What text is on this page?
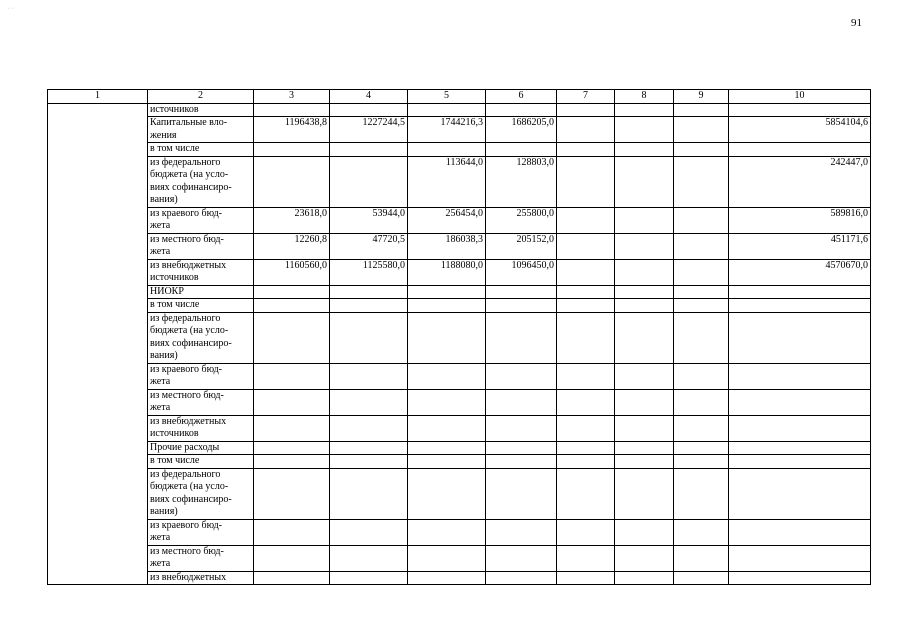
· ·
91
1	2	3	4	5	6	7	8	9	10
	источников								
	Капитальные вло-
жения	1196438,8	1227244,5	1744216,3	1686205,0				5854104,6
	в том числе								
	из федерального
бюджета (на усло-
виях софинансиро-
вания)			113644,0	128803,0				242447,0
	из краевого бюд-
жета	23618,0	53944,0	256454,0	255800,0				589816,0
	из местного бюд-
жета	12260,8	47720,5	186038,3	205152,0				451171,6
	из внебюджетных
источников	1160560,0	1125580,0	1188080,0	1096450,0				4570670,0
	НИОКР								
	в том числе								
	из федерального
бюджета (на усло-
виях софинансиро-
вания)								
	из краевого бюд-
жета								
	из местного бюд-
жета								
	из внебюджетных
источников								
	Прочие расходы								
	в том числе								
	из федерального
бюджета (на усло-
виях софинансиро-
вания)								
	из краевого бюд-
жета								
	из местного бюд-
жета								
	из внебюджетных								
